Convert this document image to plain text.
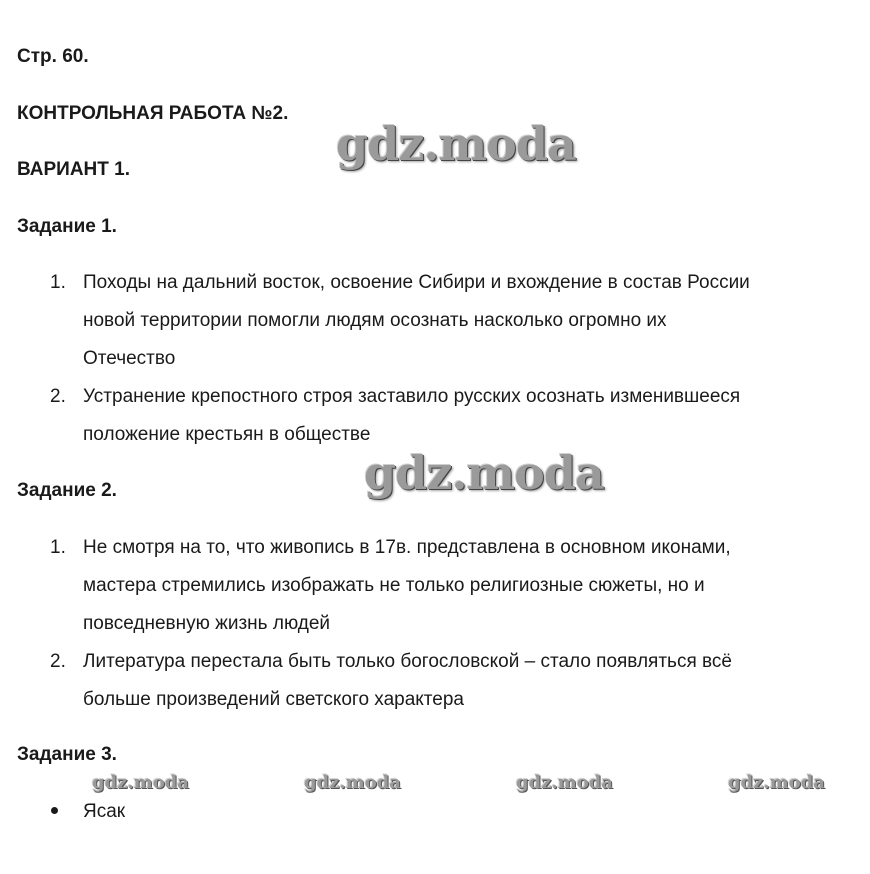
Стр. 60.
КОНТРОЛЬНАЯ РАБОТА №2.
ВАРИАНТ 1.
Задание 1.
1. Походы на дальний восток, освоение Сибири и вхождение в состав России
новой территории помогли людям осознать насколько огромно их
Отечество

2. Устранение крепостного строя заставило русских осознать изменившееся
положение крестьян в обществе

Задание 2.
1. Не смотря на то, что живопись в 17в. представлена в основном иконами,
мастера стремились изображать не только религиозные сюжеты, но и
повседневную жизнь людей

2. Литература перестала быть только богословской – стало появляться всё
больше произведений светского характера

Задание 3.

Ясак

gdz.moda
gdz.moda
gdz.moda	gdz.moda	gdz.moda	gdz.moda
